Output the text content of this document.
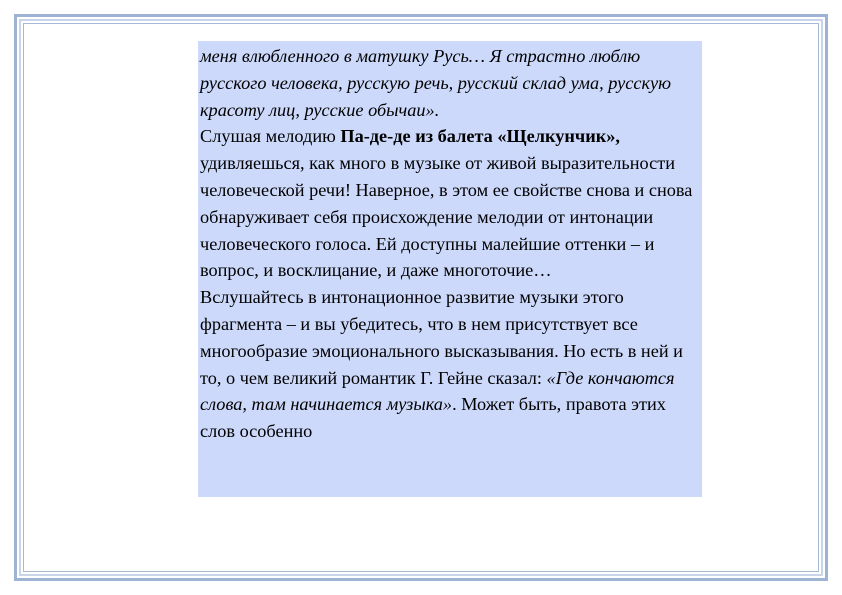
меня влюбленного в матушку Русь… Я страстно люблю русского человека, русскую речь, русский склад ума, русскую красоту лиц, русские обычаи».

Слушая мелодию Па-де-де из балета «Щелкунчик», удивляешься, как много в музыке от живой выразительности человеческой речи! Наверное, в этом ее свойстве снова и снова обнаруживает себя происхождение мелодии от интонации человеческого голоса. Ей доступны малейшие оттенки – и вопрос, и восклицание, и даже многоточие…

Вслушайтесь в интонационное развитие музыки этого фрагмента – и вы убедитесь, что в нем присутствует все многообразие эмоционального высказывания. Но есть в ней и то, о чем великий романтик Г. Гейне сказал: «Где кончаются слова, там начинается музыка». Может быть, правота этих слов особенно
